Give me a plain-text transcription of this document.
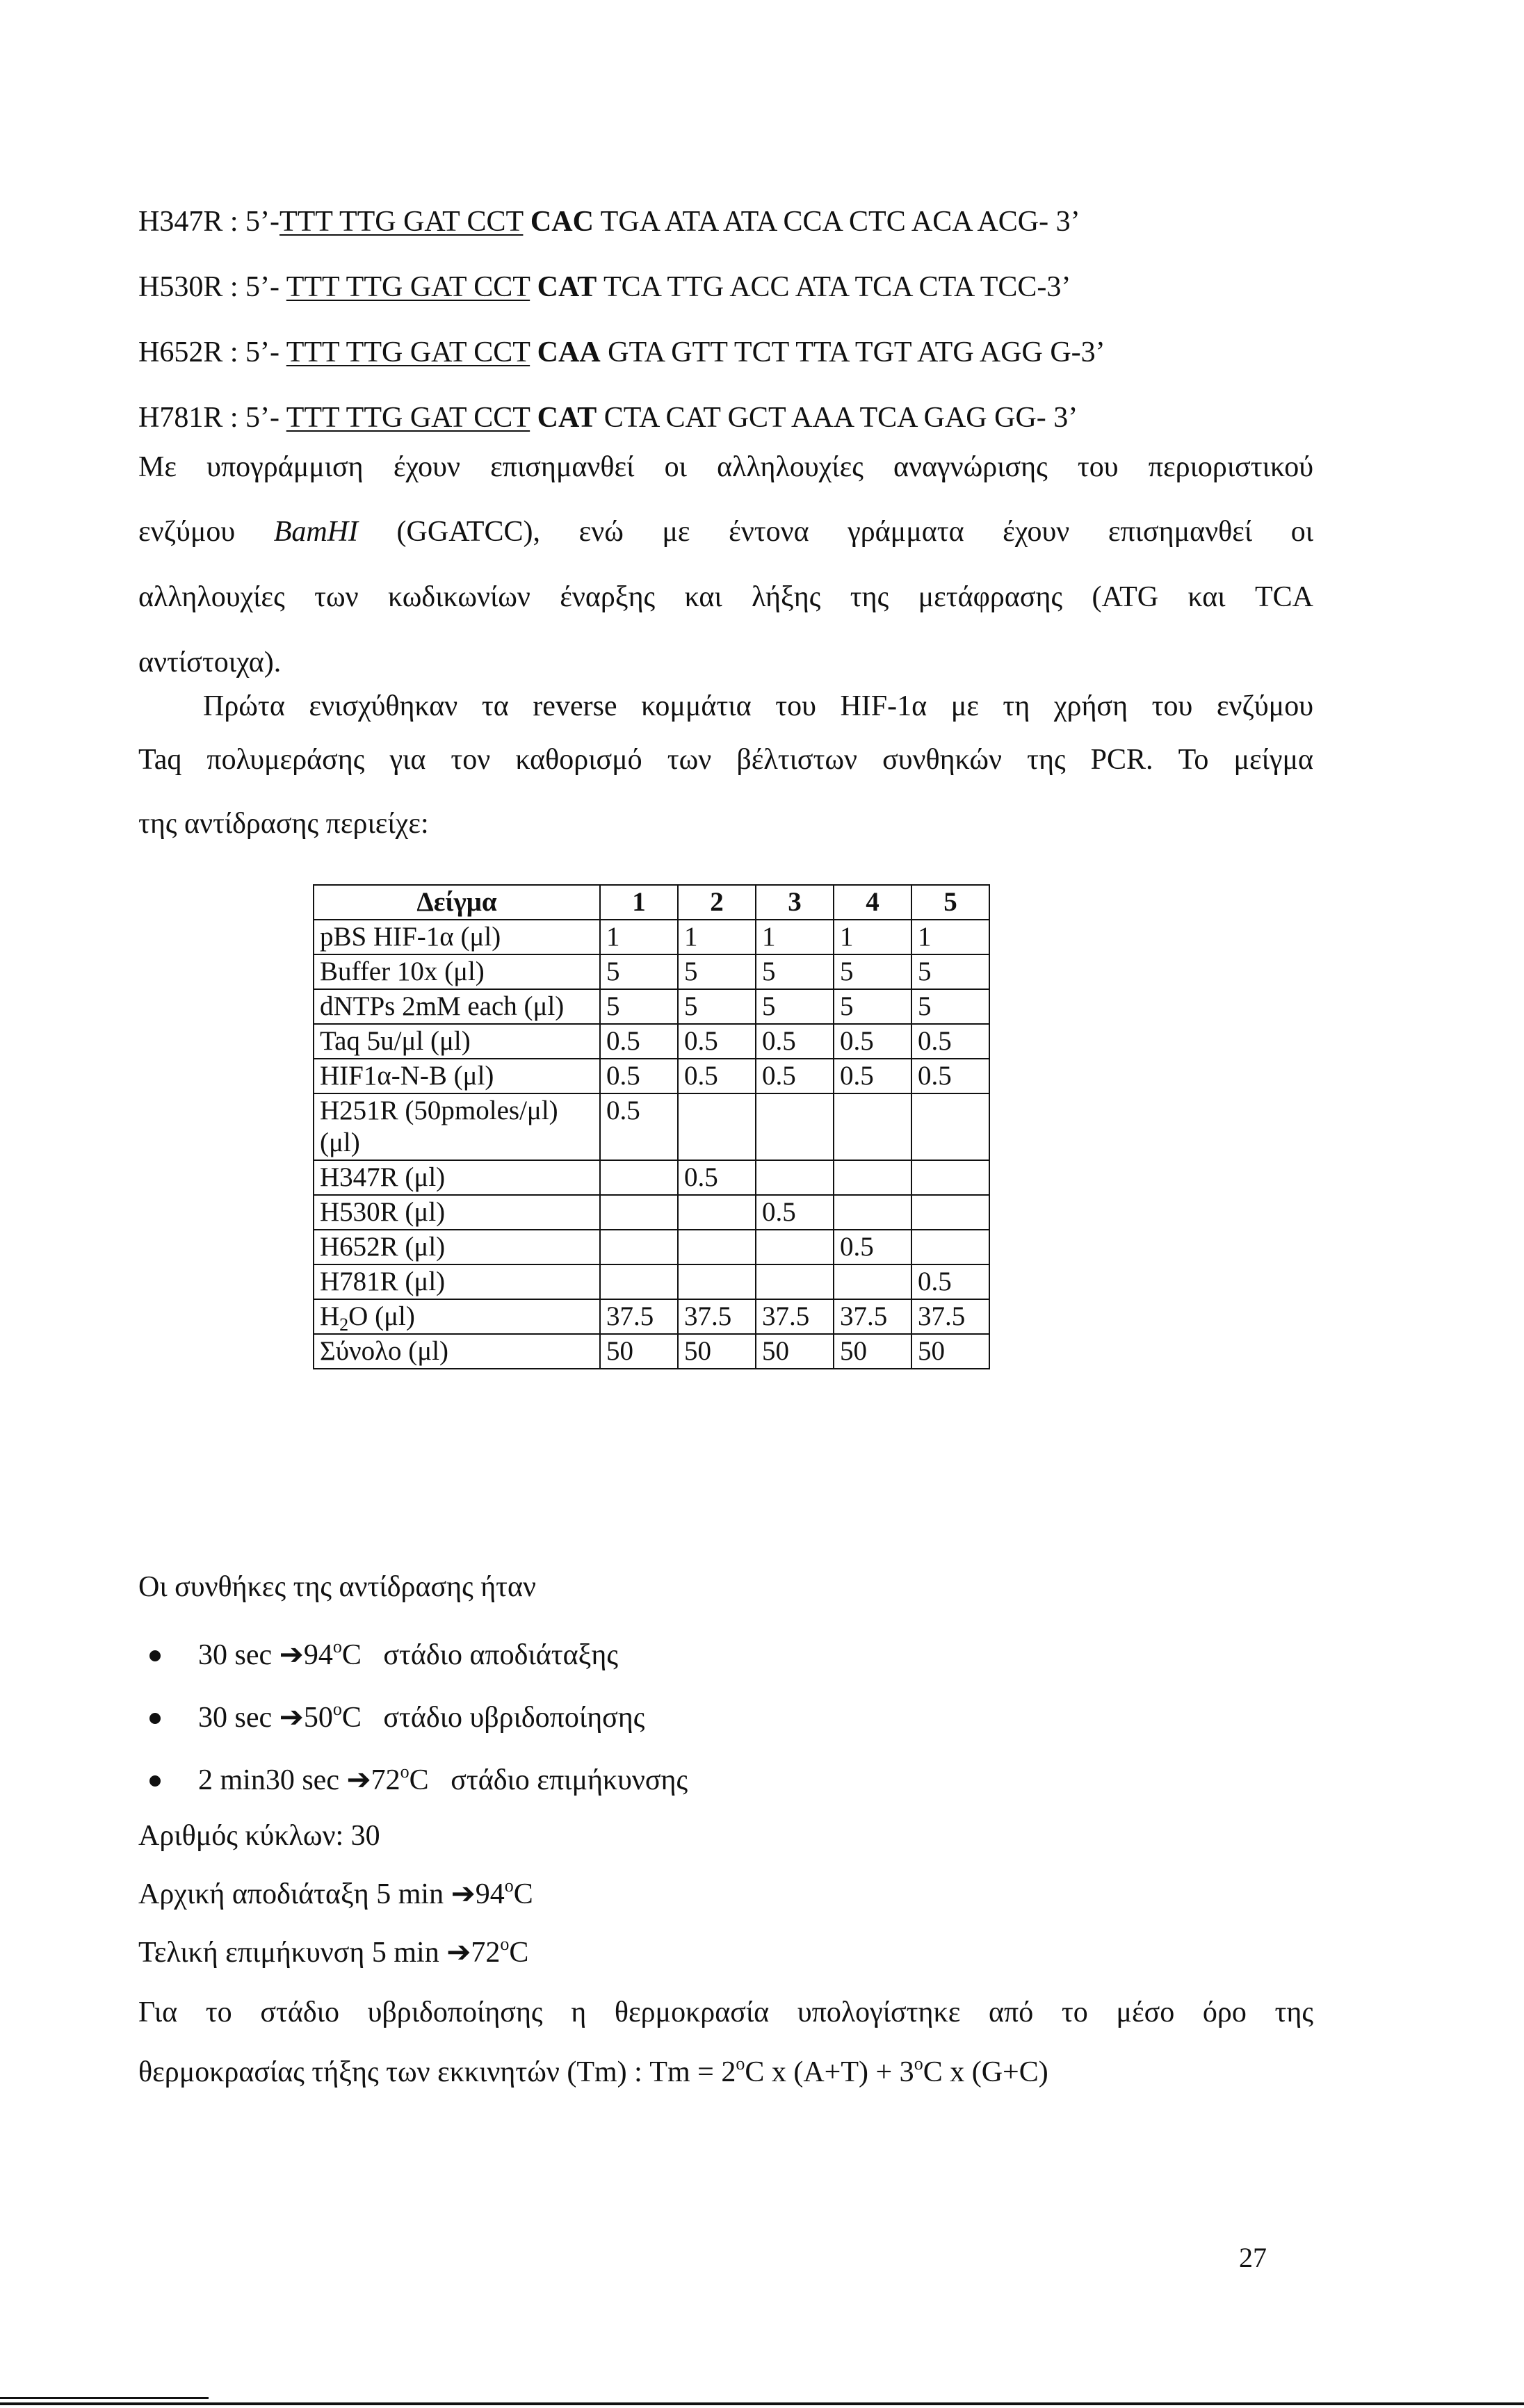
H347R : 5’-TTT TTG GAT CCT CAC TGA ATA ATA CCA CTC ACA ACG- 3’
H530R : 5’- TTT TTG GAT CCT CAT TCA TTG ACC ATA TCA CTA TCC-3’
H652R : 5’- TTT TTG GAT CCT CAA GTA GTT TCT TTA TGT ATG AGG G-3’
H781R : 5’- TTT TTG GAT CCT CAT CTA CAT GCT AAA TCA GAG GG- 3’
Με υπογράμμιση έχουν επισημανθεί οι αλληλουχίες αναγνώρισης του περιοριστικού
ενζύμου BamHI (GGATCC), ενώ με έντονα γράμματα έχουν επισημανθεί οι
αλληλουχίες των κωδικωνίων έναρξης και λήξης της μετάφρασης (ATG και TCA
αντίστοιχα).
Πρώτα ενισχύθηκαν τα reverse κομμάτια του HIF-1α με τη χρήση του ενζύμου
Taq πολυμεράσης για τον καθορισμό των βέλτιστων συνθηκών της PCR. Το μείγμα
της αντίδρασης περιείχε:
Δείγμα	1	2	3	4	5
pBS HIF-1α (μl)	1	1	1	1	1
Buffer 10x (μl)	5	5	5	5	5
dNTPs 2mM each (μl)	5	5	5	5	5
Taq 5u/μl (μl)	0.5	0.5	0.5	0.5	0.5
HIF1α-N-B (μl)	0.5	0.5	0.5	0.5	0.5
H251R (50pmoles/μl) (μl)	0.5				
H347R (μl)		0.5			
H530R (μl)			0.5		
H652R (μl)				0.5	
H781R (μl)					0.5
$H_2O$ (μl)	37.5	37.5	37.5	37.5	37.5
Σύνολο (μl)	50	50	50	50	50
Οι συνθήκες της αντίδρασης ήταν
30 sec ➔94$^o$C στάδιο αποδιάταξης
30 sec ➔50$^o$C στάδιο υβριδοποίησης
2 min30 sec ➔72$^o$C στάδιο επιμήκυνσης
Αριθμός κύκλων: 30
Αρχική αποδιάταξη 5 min ➔94$^o$C
Τελική επιμήκυνση 5 min ➔72$^o$C
Για το στάδιο υβριδοποίησης η θερμοκρασία υπολογίστηκε από το μέσο όρο της
θερμοκρασίας τήξης των εκκινητών (Tm) : $Tm = 2^oC$ x $(A+T) + 3^oC$ x (G+C)
27
